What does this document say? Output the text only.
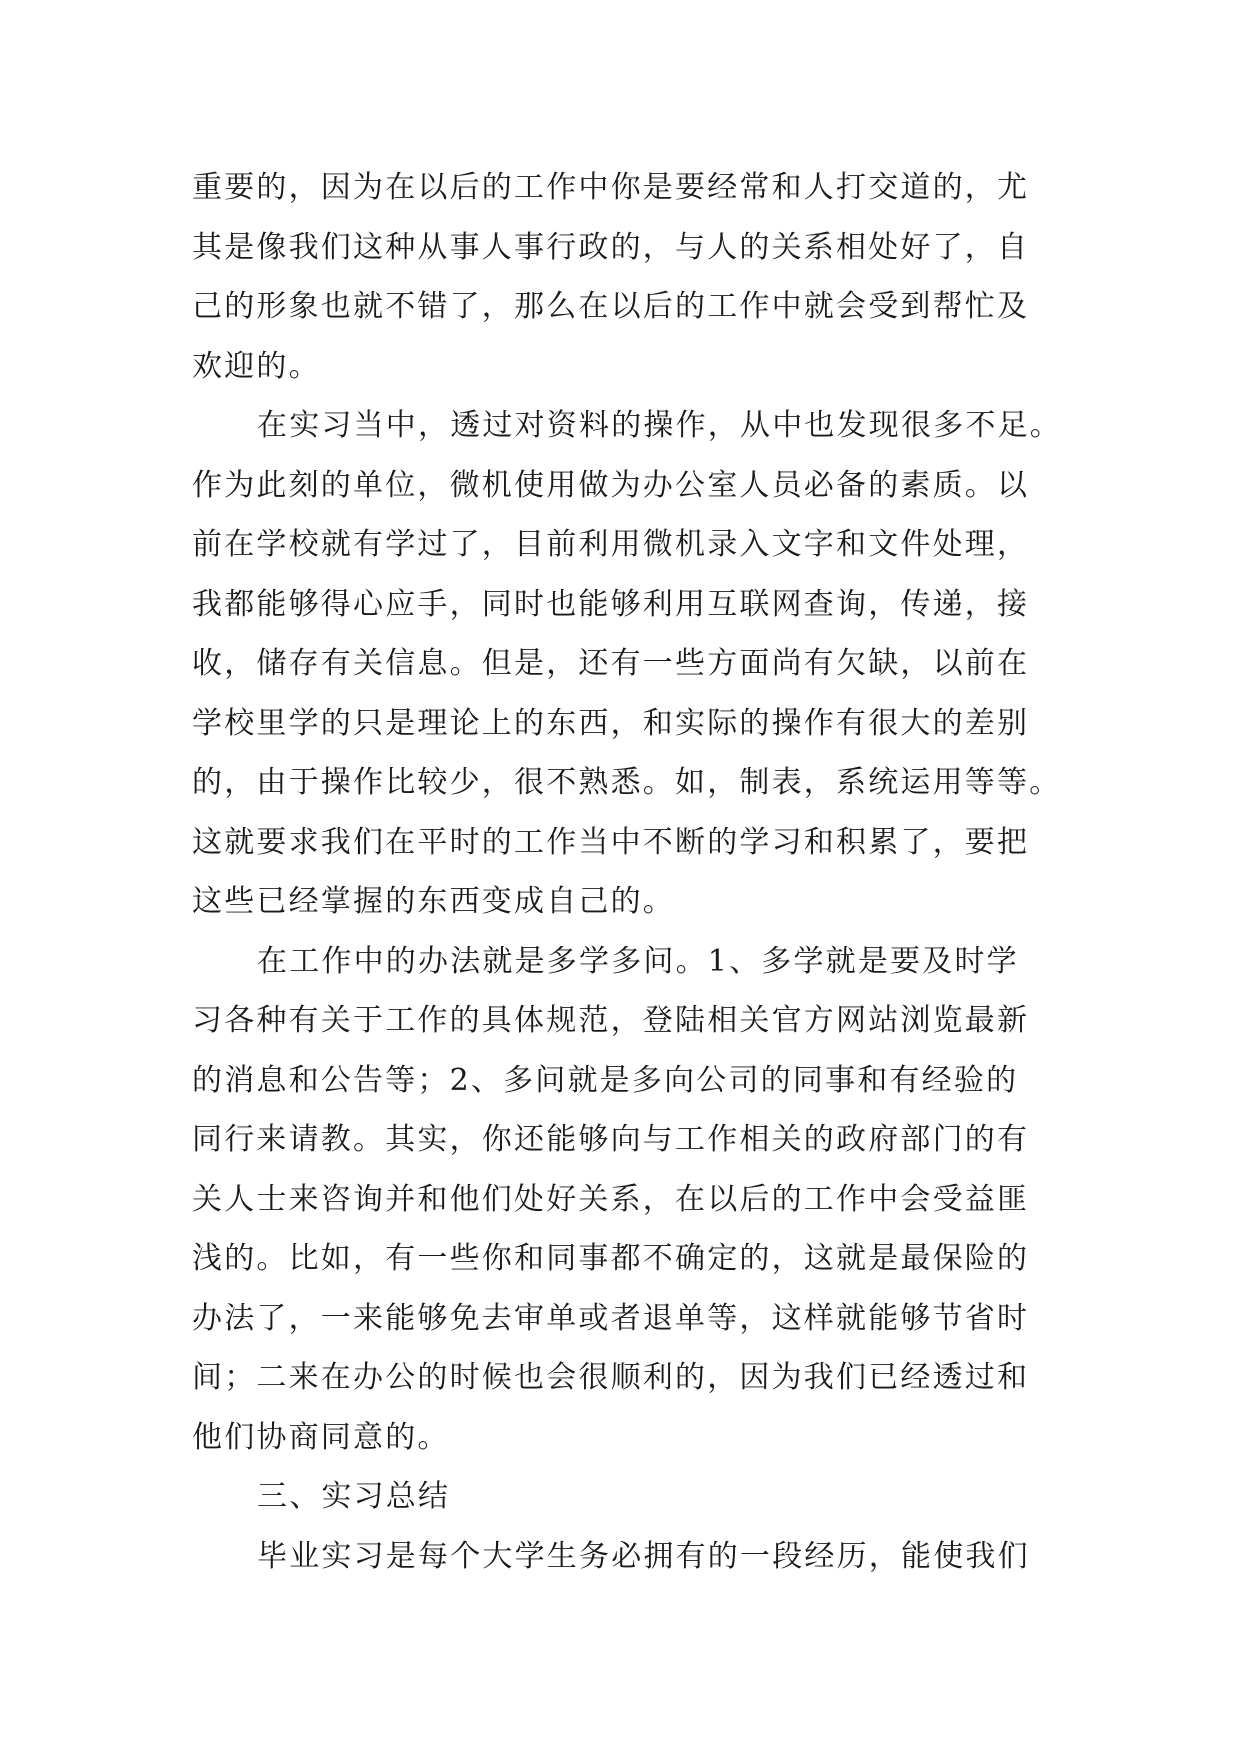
重要的，因为在以后的工作中你是要经常和人打交道的，尤
其是像我们这种从事人事行政的，与人的关系相处好了，自
己的形象也就不错了，那么在以后的工作中就会受到帮忙及
欢迎的。
在实习当中，透过对资料的操作，从中也发现很多不足。
作为此刻的单位，微机使用做为办公室人员必备的素质。以
前在学校就有学过了，目前利用微机录入文字和文件处理，
我都能够得心应手，同时也能够利用互联网查询，传递，接
收，储存有关信息。但是，还有一些方面尚有欠缺，以前在
学校里学的只是理论上的东西，和实际的操作有很大的差别
的，由于操作比较少，很不熟悉。如，制表，系统运用等等。
这就要求我们在平时的工作当中不断的学习和积累了，要把
这些已经掌握的东西变成自己的。
在工作中的办法就是多学多问。1、多学就是要及时学
习各种有关于工作的具体规范，登陆相关官方网站浏览最新
的消息和公告等；2、多问就是多向公司的同事和有经验的
同行来请教。其实，你还能够向与工作相关的政府部门的有
关人士来咨询并和他们处好关系，在以后的工作中会受益匪
浅的。比如，有一些你和同事都不确定的，这就是最保险的
办法了，一来能够免去审单或者退单等，这样就能够节省时
间；二来在办公的时候也会很顺利的，因为我们已经透过和
他们协商同意的。
三、实习总结
毕业实习是每个大学生务必拥有的一段经历，能使我们
